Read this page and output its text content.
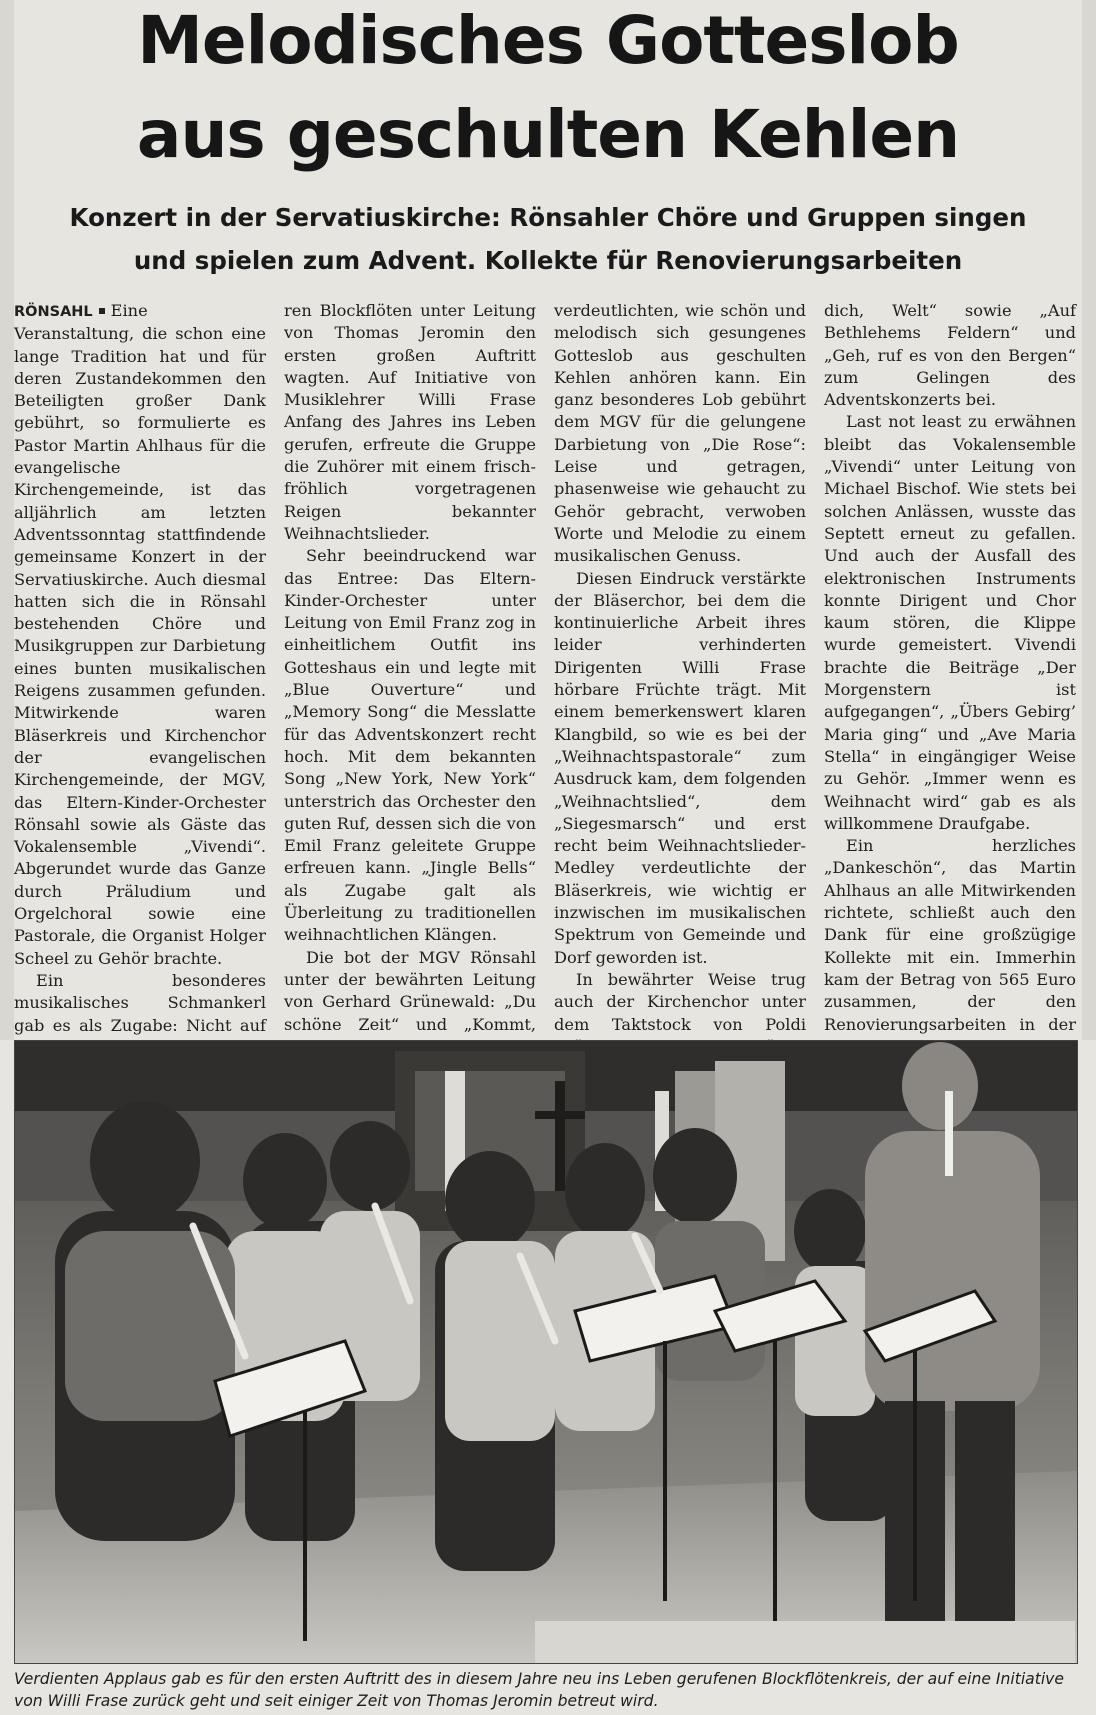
Melodisches Gotteslob
aus geschulten Kehlen
Konzert in der Servatiuskirche: Rönsahler Chöre und Gruppen singen
und spielen zum Advent. Kollekte für Renovierungsarbeiten

RÖNSAHL Eine Veranstaltung, die schon eine lange Tradition hat und für deren Zustandekommen den Beteiligten großer Dank gebührt, so formulierte es Pastor Martin Ahlhaus für die evangelische Kirchengemeinde, ist das alljährlich am letzten Adventssonntag stattfindende gemeinsame Konzert in der Servatiuskirche. Auch diesmal hatten sich die in Rönsahl bestehenden Chöre und Musikgruppen zur Darbietung eines bunten musikalischen Reigens zusammen gefunden. Mitwirkende waren Bläserkreis und Kirchenchor der evangelischen Kirchengemeinde, der MGV, das Eltern-Kinder-Orchester Rönsahl sowie als Gäste das Vokalensemble „Vivendi“. Abgerundet wurde das Ganze durch Präludium und Orgelchoral sowie eine Pastorale, die Organist Holger Scheel zu Gehör brachte.

Ein besonderes musikalisches Schmankerl gab es als Zugabe: Nicht auf

ren Blockflöten unter Leitung von Thomas Jeromin den ersten großen Auftritt wagten. Auf Initiative von Musiklehrer Willi Frase Anfang des Jahres ins Leben gerufen, erfreute die Gruppe die Zuhörer mit einem frisch-fröhlich vorgetragenen Reigen bekannter Weihnachtslieder.

Sehr beeindruckend war das Entree: Das Eltern-Kinder-Orchester unter Leitung von Emil Franz zog in einheitlichem Outfit ins Gotteshaus ein und legte mit „Blue Ouverture“ und „Memory Song“ die Messlatte für das Adventskonzert recht hoch. Mit dem bekannten Song „New York, New York“ unterstrich das Orchester den guten Ruf, dessen sich die von Emil Franz geleitete Gruppe erfreuen kann. „Jingle Bells“ als Zugabe galt als Überleitung zu traditionellen weihnachtlichen Klängen.

Die bot der MGV Rönsahl unter der bewährten Leitung von Gerhard Grünewald: „Du schöne Zeit“ und „Kommt,

verdeutlichten, wie schön und melodisch sich gesungenes Gotteslob aus geschulten Kehlen anhören kann. Ein ganz besonderes Lob gebührt dem MGV für die gelungene Darbietung von „Die Rose“: Leise und getragen, phasenweise wie gehaucht zu Gehör gebracht, verwoben Worte und Melodie zu einem musikalischen Genuss.

Diesen Eindruck verstärkte der Bläserchor, bei dem die kontinuierliche Arbeit ihres leider verhinderten Dirigenten Willi Frase hörbare Früchte trägt. Mit einem bemerkenswert klaren Klangbild, so wie es bei der „Weihnachtspastorale“ zum Ausdruck kam, dem folgenden „Weihnachtslied“, dem „Siegesmarsch“ und erst recht beim Weihnachtslieder-Medley verdeutlichte der Bläserkreis, wie wichtig er inzwischen im musikalischen Spektrum von Gemeinde und Dorf geworden ist.

In bewährter Weise trug auch der Kirchenchor unter dem Taktstock von Poldi

dich, Welt“ sowie „Auf Bethlehems Feldern“ und „Geh, ruf es von den Bergen“ zum Gelingen des Adventskonzerts bei.

Last not least zu erwähnen bleibt das Vokalensemble „Vivendi“ unter Leitung von Michael Bischof. Wie stets bei solchen Anlässen, wusste das Septett erneut zu gefallen. Und auch der Ausfall des elektronischen Instruments konnte Dirigent und Chor kaum stören, die Klippe wurde gemeistert. Vivendi brachte die Beiträge „Der Morgenstern ist aufgegangen“, „Übers Gebirg’ Maria ging“ und „Ave Maria Stella“ in eingängiger Weise zu Gehör. „Immer wenn es Weihnacht wird“ gab es als willkommene Draufgabe.

Ein herzliches „Dankeschön“, das Martin Ahlhaus an alle Mitwirkenden richtete, schließt auch den Dank für eine großzügige Kollekte mit ein. Immerhin kam der Betrag von 565 Euro zusammen, der den Renovierungsarbeiten in der

Verdienten Applaus gab es für den ersten Auftritt des in diesem Jahre neu ins Leben gerufenen Blockflötenkreis, der auf eine Initiative von Willi Frase zurück geht und seit einiger Zeit von Thomas Jeromin betreut wird.
